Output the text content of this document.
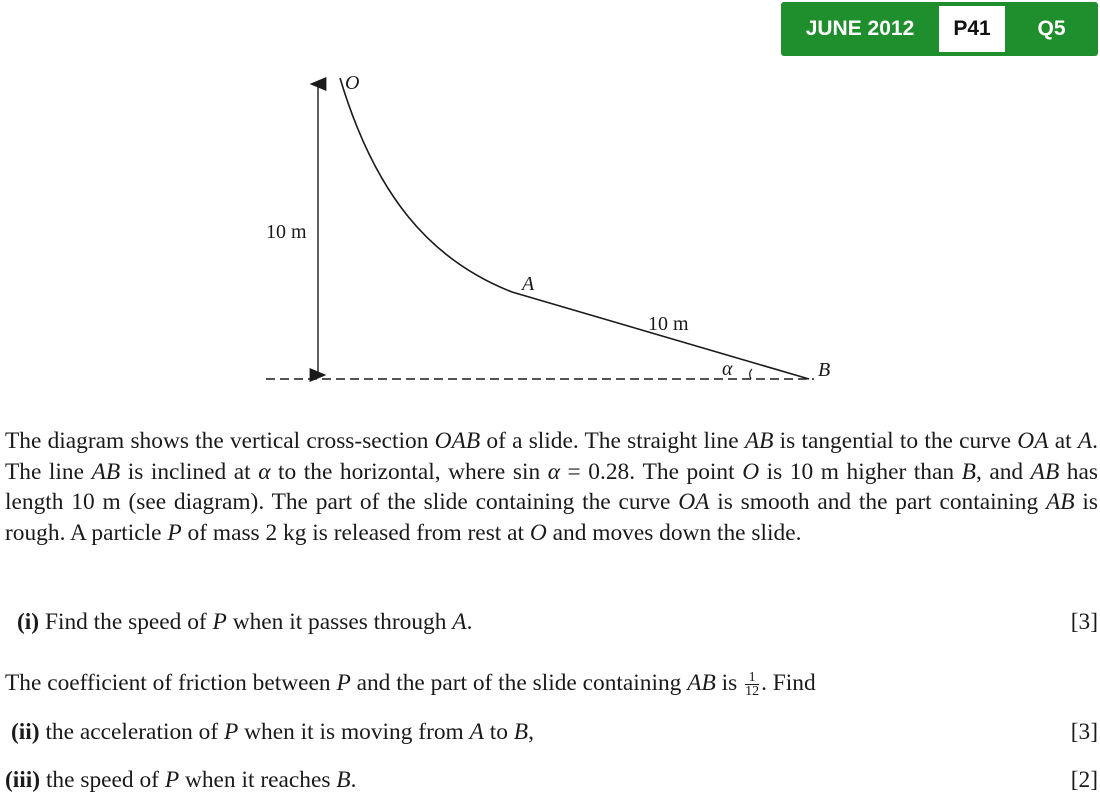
JUNE 2012	P41	Q5
O
10 m
A
10 m
α	B
The diagram shows the vertical cross-section OAB of a slide. The straight line AB is tangential to the curve OA at A. The line AB is inclined at α to the horizontal, where sin α = 0.28. The point O is 10 m higher than B, and AB has length 10 m (see diagram). The part of the slide containing the curve OA is smooth and the part containing AB is rough. A particle P of mass 2 kg is released from rest at O and moves down the slide.
(i) Find the speed of P when it passes through A.	[3]
The coefficient of friction between P and the part of the slide containing AB is $\frac{1}{12}$ . Find
(ii) the acceleration of P when it is moving from A to B,	[3]
(iii) the speed of P when it reaches B.	[2]
